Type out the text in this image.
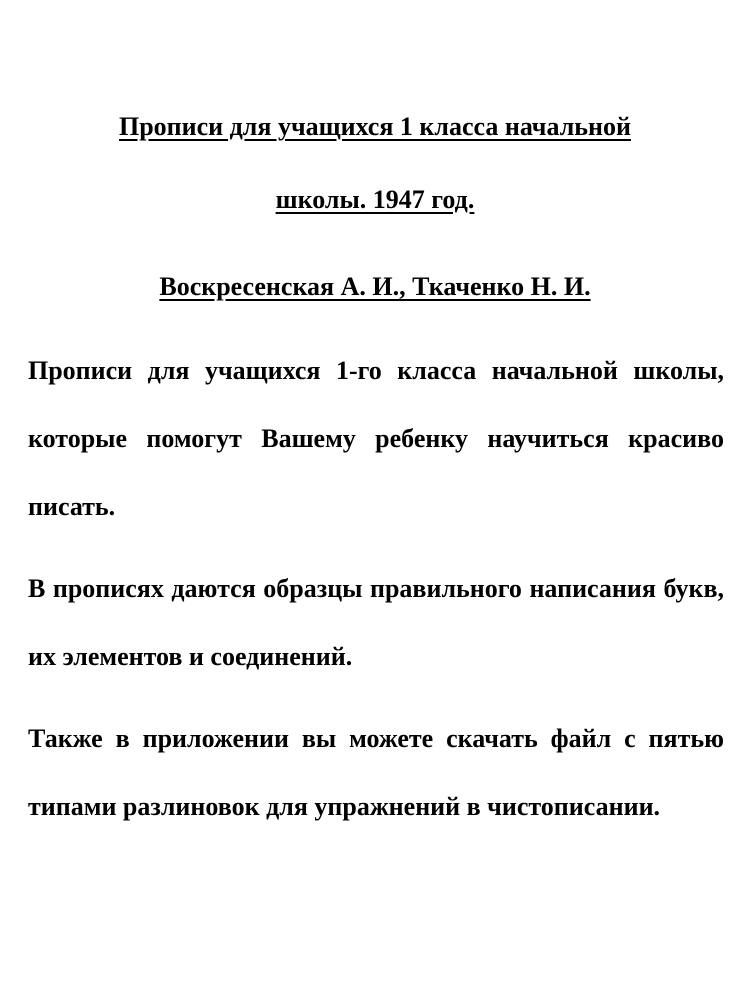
Прописи для учащихся 1 класса начальной
школы. 1947 год.
Воскресенская А. И., Ткаченко Н. И.

Прописи для учащихся 1-го класса начальной школы, которые помогут Вашему ребенку научиться красиво писать.

В прописях даются образцы правильного написания букв, их элементов и соединений.

Также в приложении вы можете скачать файл с пятью типами разлиновок для упражнений в чистописании.
